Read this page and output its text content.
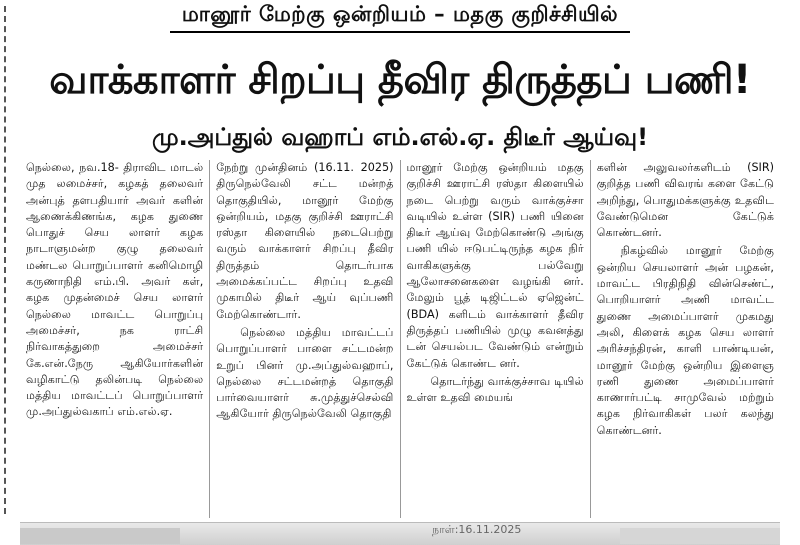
மானூர் மேற்கு ஒன்றியம் – மதகு குறிச்சியில்
வாக்காளர் சிறப்பு தீவிர திருத்தப் பணி!
மு.அப்துல் வஹாப் எம்.எல்.ஏ. திடீர் ஆய்வு!

நெல்லை, நவ.18- திராவிட மாடல் முத லமைச்சர், கழகத் தலைவர் அன்புத் தளபதியார் அவர் களின் ஆணைக்கிணங்க, கழக துணை பொதுச் செய லாளர் கழக நாடாளுமன்ற குழு தலைவர் மண்டல பொறுப்பாளர் கனிமொழி கருணாநிதி எம்.பி. அவர் கள், கழக முதன்மைச் செய லாளர் நெல்லை மாவட்ட பொறுப்பு அமைச்சர், நக ராட்சி நிர்வாகத்துறை அமைச்சர் கே.என்.நேரு ஆகியோர்களின் வழிகாட்டு தலின்படி நெல்லை மத்திய மாவட்டப் பொறுப்பாளர் மு.அப்துல்வகாப் எம்.எல்.ஏ.

நேற்று முன்தினம் (16.11. 2025) திருநெல்வேலி சட்ட மன்றத் தொகுதியில், மானூர் மேற்கு ஒன்றியம், மதகு குறிச்சி ஊராட்சி ரஸ்தா கிளையில் நடைபெற்று வரும் வாக்காளர் சிறப்பு தீவிர திருத்தம் தொடர்பாக அமைக்கப்பட்ட சிறப்பு உதவி முகாமில் திடீர் ஆய் வுப்பணி மேற்கொண்டார்.

நெல்லை மத்திய மாவட்டப் பொறுப்பாளர் பாளை சட்டமன்ற உறுப் பினர் மு.அப்துல்வஹாப், நெல்லை சட்டமன்றத் தொகுதி பார்வையாளர் சு.முத்துச்செல்வி ஆகியோர் திருநெல்வேலி தொகுதி

மானூர் மேற்கு ஒன்றியம் மதகு குறிச்சி ஊராட்சி ரஸ்தா கிளையில் நடை பெற்று வரும் வாக்குச்சா வடியில் உள்ள (SIR) பணி யினை திடீர் ஆய்வு மேற்கொண்டு அங்கு பணி யில் ஈடுபட்டிருந்த கழக நிர் வாகிகளுக்கு பல்வேறு ஆலோசனைகளை வழங்கி னர். மேலும் பூத் டிஜிட்டல் ஏஜென்ட் (BDA) களிடம் வாக்காளர் தீவிர திருத்தப் பணியில் முழு கவனத்து டன் செயல்பட வேண்டும் என்றும் கேட்டுக் கொண்ட னர்.

தொடர்ந்து வாக்குச்சாவ டியில் உள்ள உதவி மையங்

களின் அலுவலர்களிடம் (SIR) குறித்த பணி விவரங் களை கேட்டு அறிந்து, பொதுமக்களுக்கு உதவிட வேண்டுமென கேட்டுக் கொண்டனர்.

நிகழ்வில் மானூர் மேற்கு ஒன்றிய செயலாளர் அன் பழகன், மாவட்ட பிரதிநிதி வின்செண்ட், பொறியாளர் அணி மாவட்ட துணை அமைப்பாளர் முகமது அலி, கிளைக் கழக செய லாளர் அரிச்சந்திரன், காளி பாண்டியன், மானூர் மேற்கு ஒன்றிய இளைஞ ரணி துணை அமைப்பாளர் காணார்பட்டி சாமுவேல் மற்றும் கழக நிர்வாகிகள் பலர் கலந்து கொண்டனர்.

நாள்:16.11.2025
